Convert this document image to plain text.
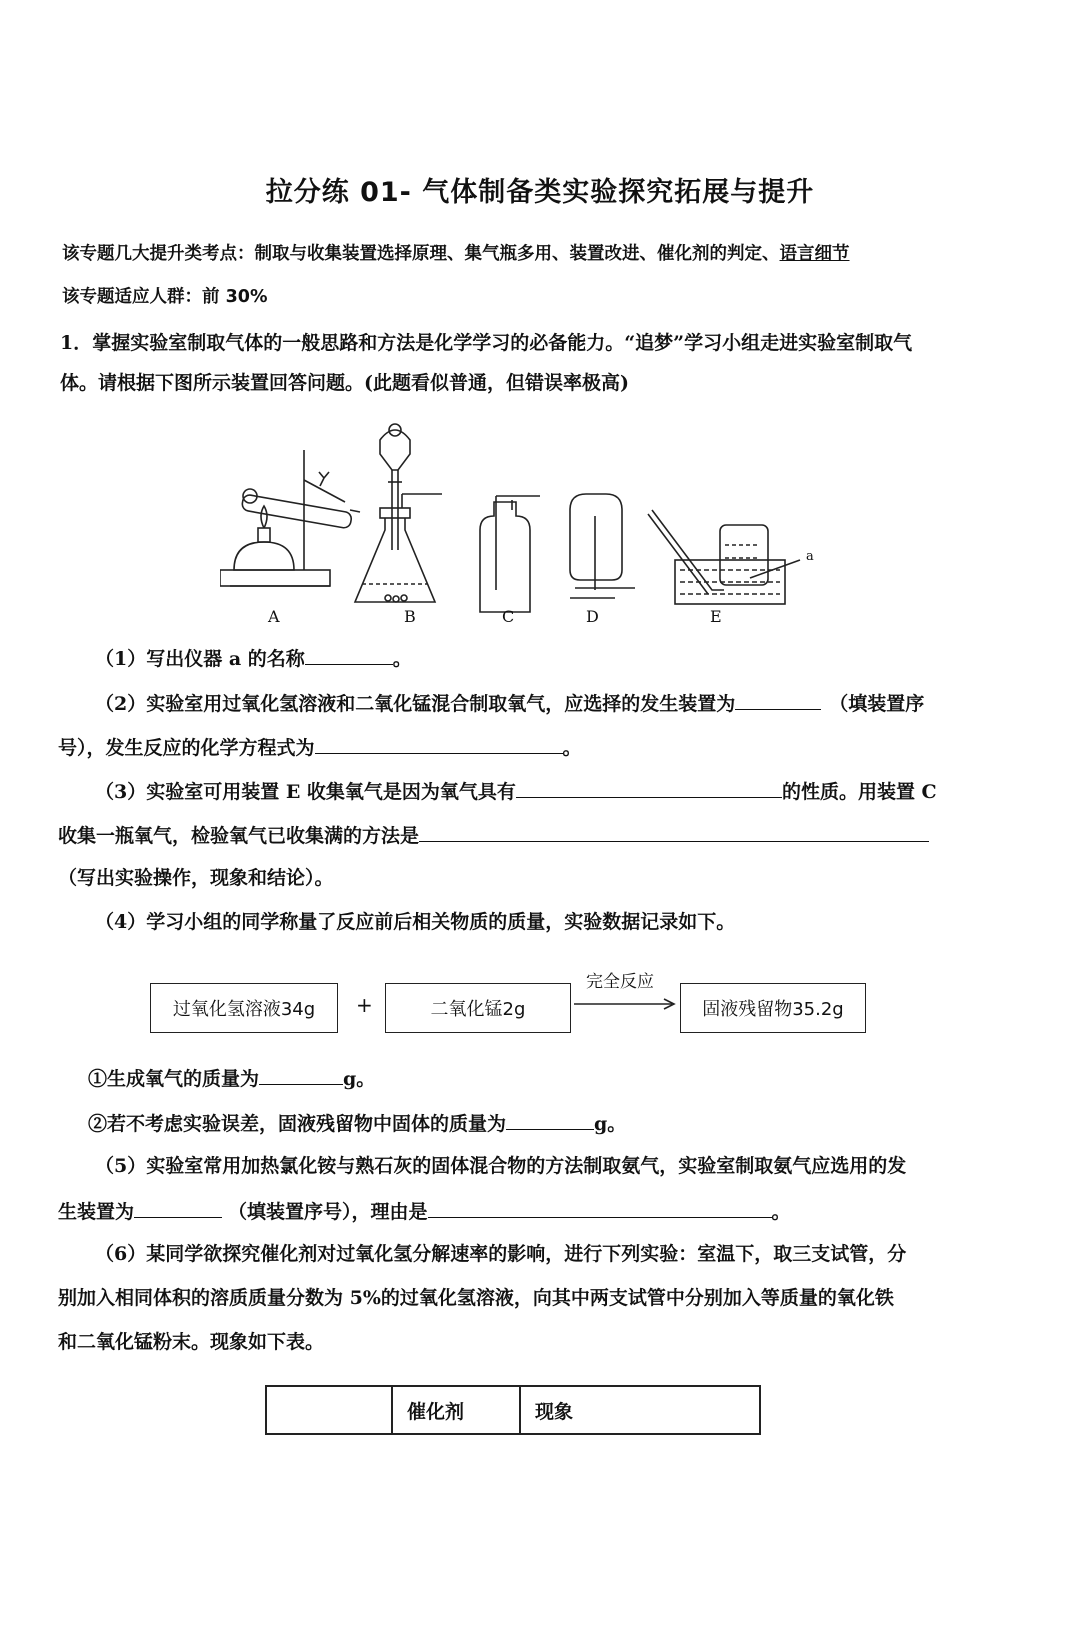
拉分练 01- 气体制备类实验探究拓展与提升
该专题几大提升类考点：制取与收集装置选择原理、集气瓶多用、装置改进、催化剂的判定、语言细节
该专题适应人群：前 30%
1．掌握实验室制取气体的一般思路和方法是化学学习的必备能力。“追梦”学习小组走进实验室制取气
体。请根据下图所示装置回答问题。(此题看似普通，但错误率极高)
A	B	C	D	E
a
（1）写出仪器 a 的名称	。
（2）实验室用过氧化氢溶液和二氧化锰混合制取氧气，应选择的发生装置为	（填装置序
号），发生反应的化学方程式为	。
（3）实验室可用装置 E 收集氧气是因为氧气具有	的性质。用装置 C
收集一瓶氧气，检验氧气已收集满的方法是
（写出实验操作，现象和结论）。
（4）学习小组的同学称量了反应前后相关物质的质量，实验数据记录如下。
过氧化氢溶液34g	+	二氧化锰2g
完全反应
固液残留物35.2g
①生成氧气的质量为	g。
②若不考虑实验误差，固液残留物中固体的质量为	g。
（5）实验室常用加热氯化铵与熟石灰的固体混合物的方法制取氨气，实验室制取氨气应选用的发
生装置为	（填装置序号），理由是	。
（6）某同学欲探究催化剂对过氧化氢分解速率的影响，进行下列实验：室温下，取三支试管，分
别加入相同体积的溶质质量分数为 5%的过氧化氢溶液，向其中两支试管中分别加入等质量的氧化铁
和二氧化锰粉末。现象如下表。
	催化剂	现象
